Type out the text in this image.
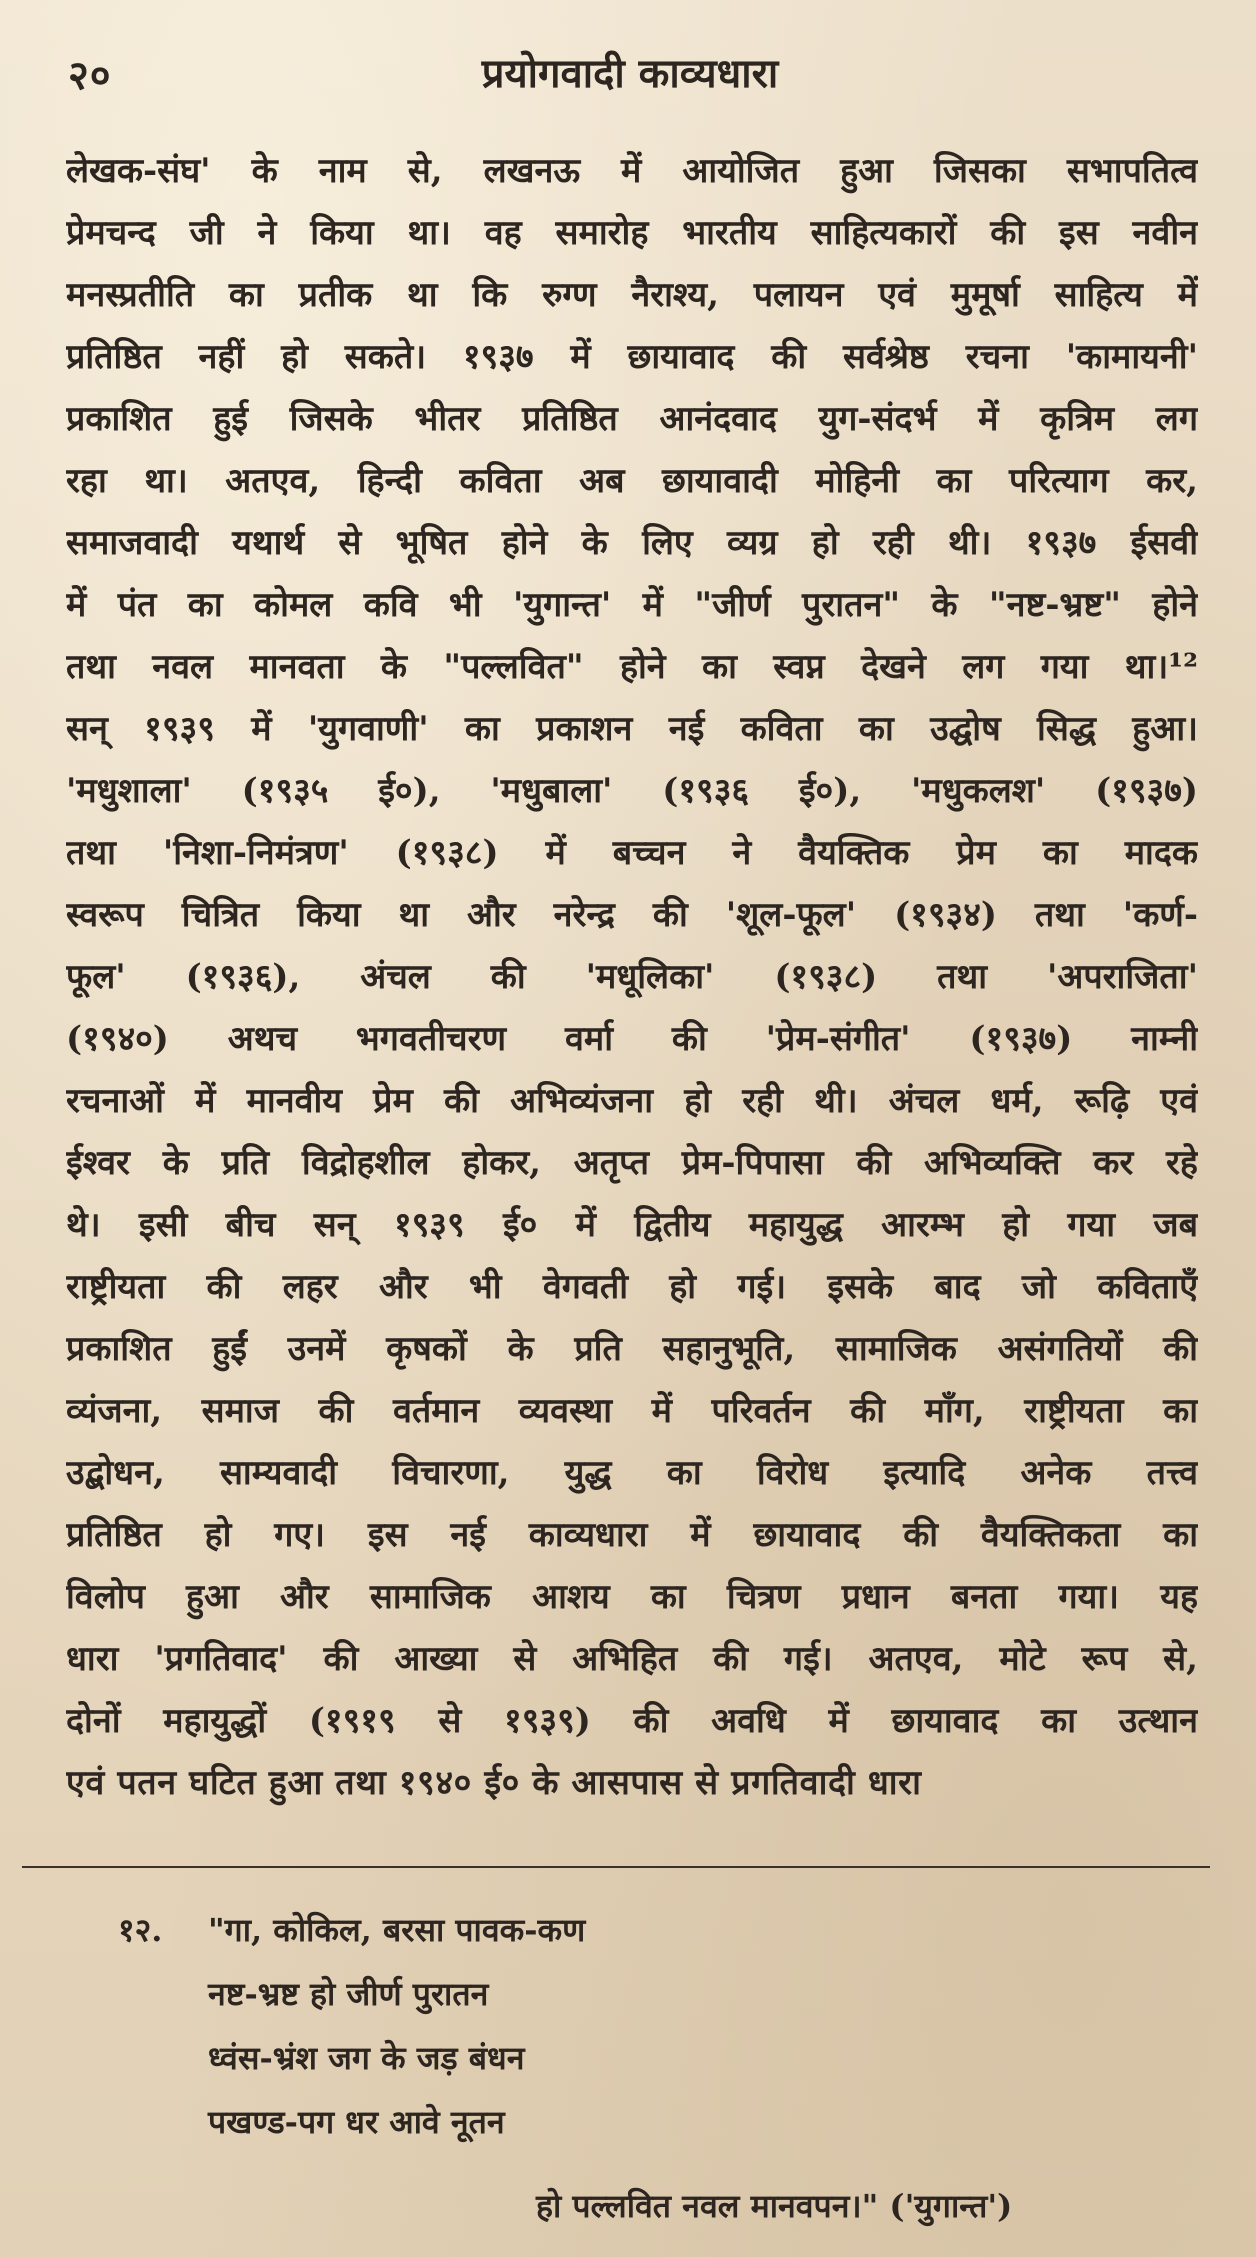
२०	प्रयोगवादी काव्यधारा
लेखक-संघ' के नाम से, लखनऊ में आयोजित हुआ जिसका सभापतित्व
प्रेमचन्द जी ने किया था। वह समारोह भारतीय साहित्यकारों की इस नवीन
मनस्प्रतीति का प्रतीक था कि रुग्ण नैराश्य, पलायन एवं मुमूर्षा साहित्य में
प्रतिष्ठित नहीं हो सकते। १९३७ में छायावाद की सर्वश्रेष्ठ रचना 'कामायनी'
प्रकाशित हुई जिसके भीतर प्रतिष्ठित आनंदवाद युग-संदर्भ में कृत्रिम लग
रहा था। अतएव, हिन्दी कविता अब छायावादी मोहिनी का परित्याग कर,
समाजवादी यथार्थ से भूषित होने के लिए व्यग्र हो रही थी। १९३७ ईसवी
में पंत का कोमल कवि भी 'युगान्त' में "जीर्ण पुरातन" के "नष्ट-भ्रष्ट" होने
तथा नवल मानवता के "पल्लवित" होने का स्वप्न देखने लग गया था।¹²
सन् १९३९ में 'युगवाणी' का प्रकाशन नई कविता का उद्घोष सिद्ध हुआ।
'मधुशाला' (१९३५ ई०), 'मधुबाला' (१९३६ ई०), 'मधुकलश' (१९३७)
तथा 'निशा-निमंत्रण' (१९३८) में बच्चन ने वैयक्तिक प्रेम का मादक
स्वरूप चित्रित किया था और नरेन्द्र की 'शूल-फूल' (१९३४) तथा 'कर्ण-
फूल' (१९३६), अंचल की 'मधूलिका' (१९३८) तथा 'अपराजिता'
(१९४०) अथच भगवतीचरण वर्मा की 'प्रेम-संगीत' (१९३७) नाम्नी
रचनाओं में मानवीय प्रेम की अभिव्यंजना हो रही थी। अंचल धर्म, रूढ़ि एवं
ईश्वर के प्रति विद्रोहशील होकर, अतृप्त प्रेम-पिपासा की अभिव्यक्ति कर रहे
थे। इसी बीच सन् १९३९ ई० में द्वितीय महायुद्ध आरम्भ हो गया जब
राष्ट्रीयता की लहर और भी वेगवती हो गई। इसके बाद जो कविताएँ
प्रकाशित हुईं उनमें कृषकों के प्रति सहानुभूति, सामाजिक असंगतियों की
व्यंजना, समाज की वर्तमान व्यवस्था में परिवर्तन की माँग, राष्ट्रीयता का
उद्बोधन, साम्यवादी विचारणा, युद्ध का विरोध इत्यादि अनेक तत्त्व
प्रतिष्ठित हो गए। इस नई काव्यधारा में छायावाद की वैयक्तिकता का
विलोप हुआ और सामाजिक आशय का चित्रण प्रधान बनता गया। यह
धारा 'प्रगतिवाद' की आख्या से अभिहित की गई। अतएव, मोटे रूप से,
दोनों महायुद्धों (१९१९ से १९३९) की अवधि में छायावाद का उत्थान
एवं पतन घटित हुआ तथा १९४० ई० के आसपास से प्रगतिवादी धारा
१२. "गा, कोकिल, बरसा पावक-कण
नष्ट-भ्रष्ट हो जीर्ण पुरातन
ध्वंस-भ्रंश जग के जड़ बंधन
पखण्ड-पग धर आवे नूतन
हो पल्लवित नवल मानवपन।" ('युगान्त')
